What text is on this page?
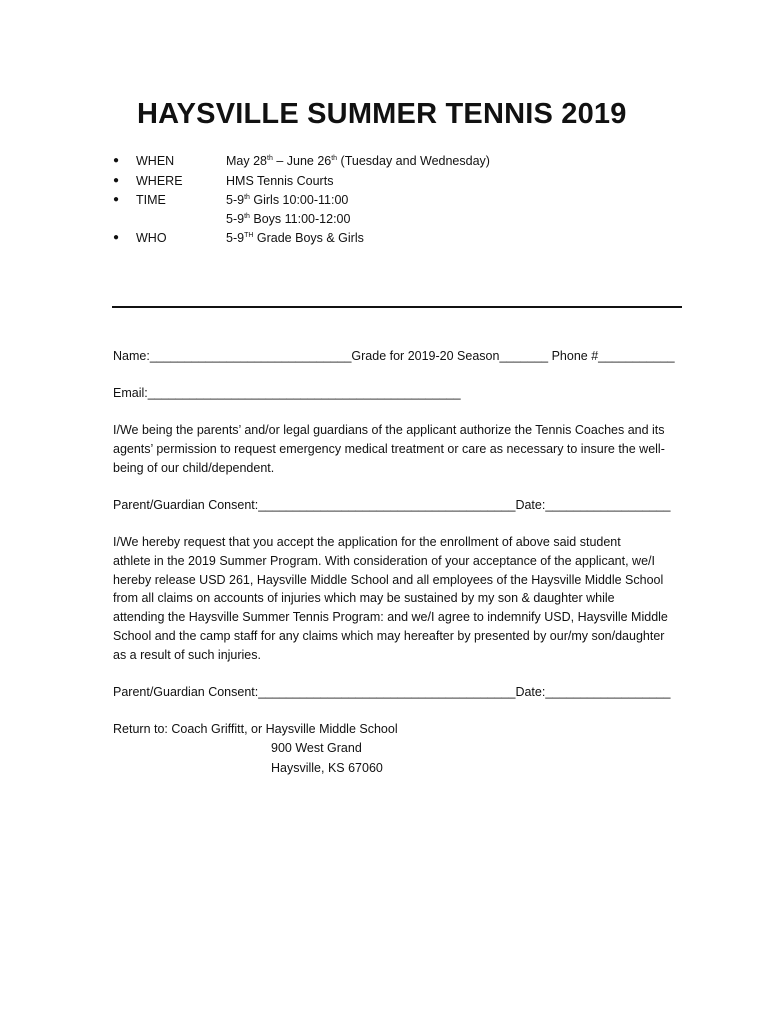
HAYSVILLE SUMMER TENNIS 2019
● WHEN	May 28th – June 26th (Tuesday and Wednesday)
● WHERE	HMS Tennis Courts
● TIME	5-9th Girls 10:00-11:00
5-9th Boys 11:00-12:00
● WHO	5-9TH Grade Boys & Girls
Name:_____________________________Grade for 2019-20 Season_______ Phone #___________
Email:_____________________________________________
I/We being the parents’ and/or legal guardians of the applicant authorize the Tennis Coaches and its
agents’ permission to request emergency medical treatment or care as necessary to insure the well-
being of our child/dependent.
Parent/Guardian Consent:_____________________________________Date:__________________
I/We hereby request that you accept the application for the enrollment of above said student
athlete in the 2019 Summer Program. With consideration of your acceptance of the applicant, we/I
hereby release USD 261, Haysville Middle School and all employees of the Haysville Middle School
from all claims on accounts of injuries which may be sustained by my son & daughter while
attending the Haysville Summer Tennis Program: and we/I agree to indemnify USD, Haysville Middle
School and the camp staff for any claims which may hereafter by presented by our/my son/daughter
as a result of such injuries.
Parent/Guardian Consent:_____________________________________Date:__________________
Return to: Coach Griffitt, or Haysville Middle School
900 West Grand
Haysville, KS 67060
